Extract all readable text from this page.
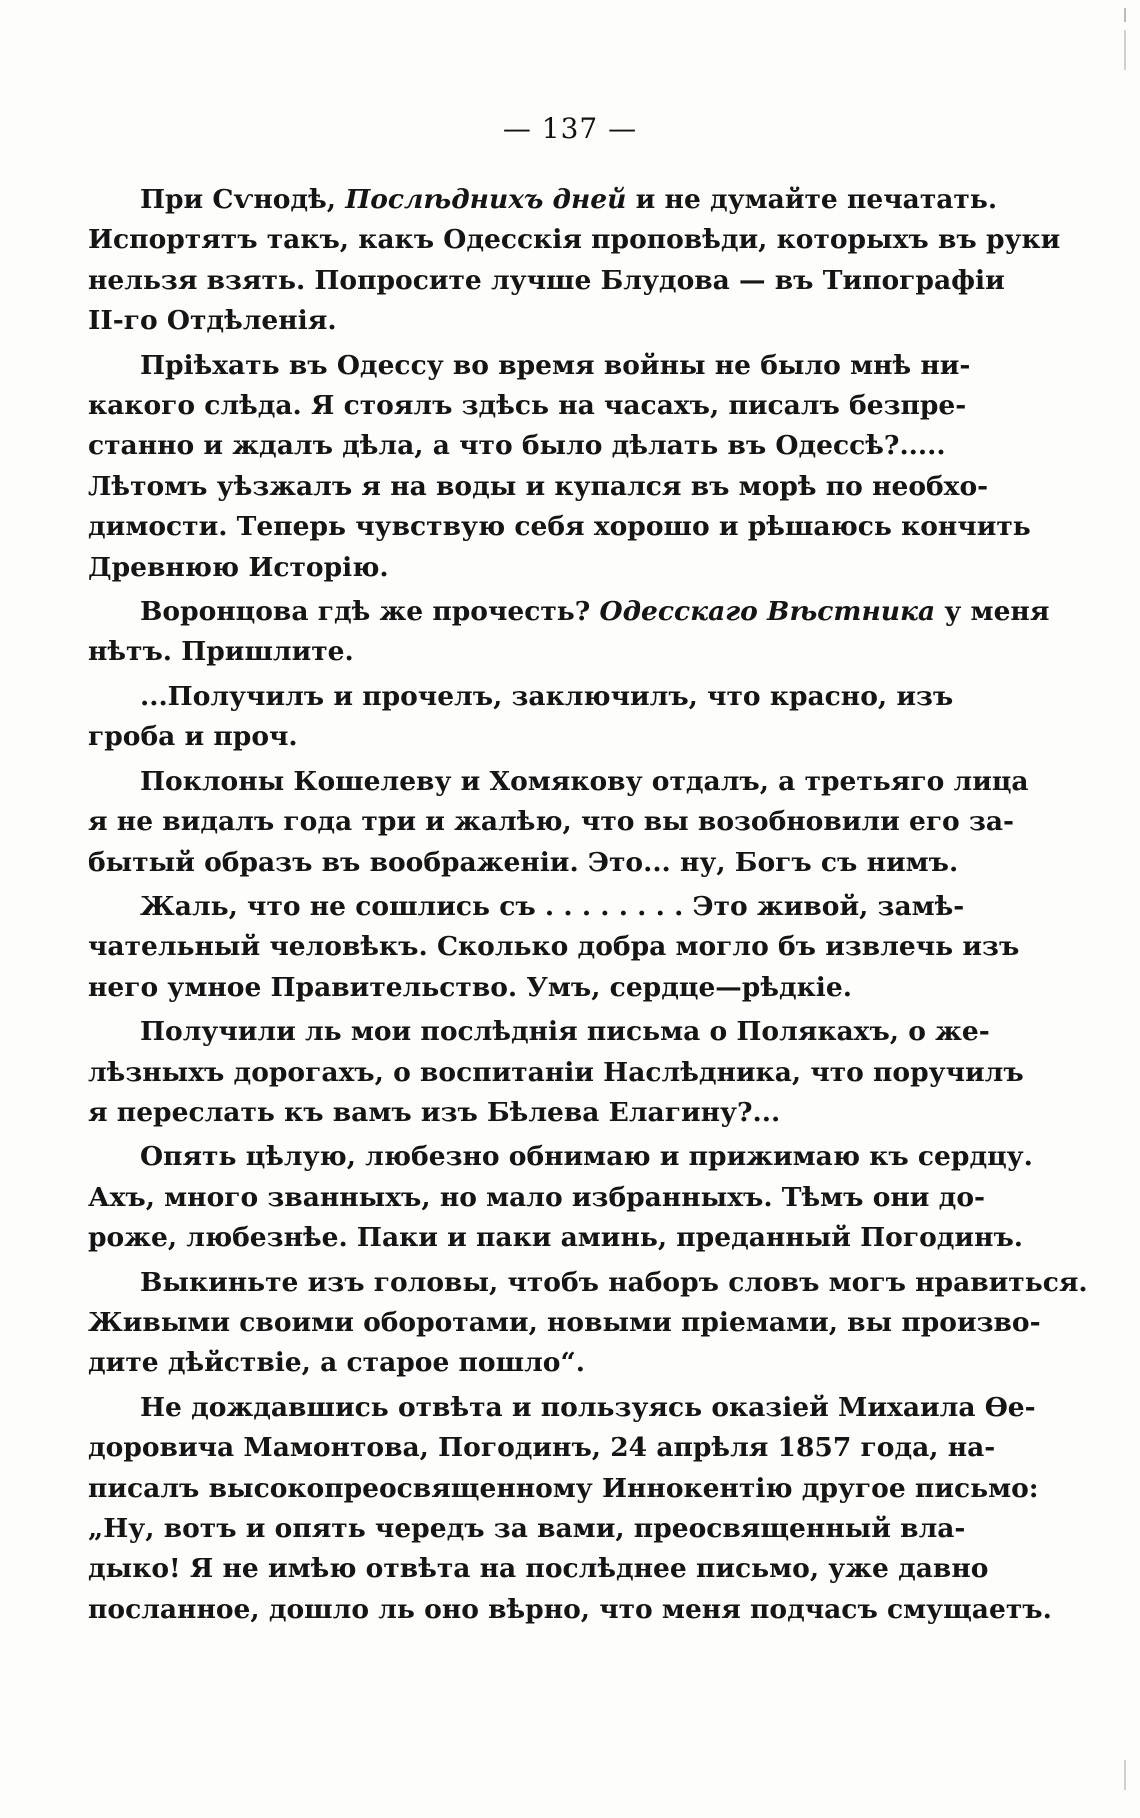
— 137 —

При Сѵнодѣ, Послѣднихъ дней и не думайте печатать.
Испортятъ такъ, какъ Одесскія проповѣди, которыхъ въ руки
нельзя взять. Попросите лучше Блудова — въ Типографіи
II-го Отдѣленія.

Пріѣхать въ Одессу во время войны не было мнѣ ни-
какого слѣда. Я стоялъ здѣсь на часахъ, писалъ безпре-
станно и ждалъ дѣла, а что было дѣлать въ Одессѣ?.....
Лѣтомъ уѣзжалъ я на воды и купался въ морѣ по необхо-
димости. Теперь чувствую себя хорошо и рѣшаюсь кончить
Древнюю Исторію.

Воронцова гдѣ же прочесть? Одесскаго Вѣстника у меня
нѣтъ. Пришлите.

...Получилъ и прочелъ, заключилъ, что красно, изъ
гроба и проч.

Поклоны Кошелеву и Хомякову отдалъ, а третьяго лица
я не видалъ года три и жалѣю, что вы возобновили его за-
бытый образъ въ воображеніи. Это... ну, Богъ съ нимъ.

Жаль, что не сошлись съ . . . . . . . . Это живой, замѣ-
чательный человѣкъ. Сколько добра могло бъ извлечь изъ
него умное Правительство. Умъ, сердце—рѣдкіе.

Получили ль мои послѣднія письма о Полякахъ, о же-
лѣзныхъ дорогахъ, о воспитаніи Наслѣдника, что поручилъ
я переслать къ вамъ изъ Бѣлева Елагину?...

Опять цѣлую, любезно обнимаю и прижимаю къ сердцу.
Ахъ, много званныхъ, но мало избранныхъ. Тѣмъ они до-
роже, любезнѣе. Паки и паки аминь, преданный Погодинъ.

Выкиньте изъ головы, чтобъ наборъ словъ могъ нравиться.
Живыми своими оборотами, новыми пріемами, вы произво-
дите дѣйствіе, а старое пошло“.

Не дождавшись отвѣта и пользуясь оказіей Михаила Ѳе-
доровича Мамонтова, Погодинъ, 24 апрѣля 1857 года, на-
писалъ высокопреосвященному Иннокентію другое письмо:
„Ну, вотъ и опять чередъ за вами, преосвященный вла-
дыко! Я не имѣю отвѣта на послѣднее письмо, уже давно
посланное, дошло ль оно вѣрно, что меня подчасъ смущаетъ.
